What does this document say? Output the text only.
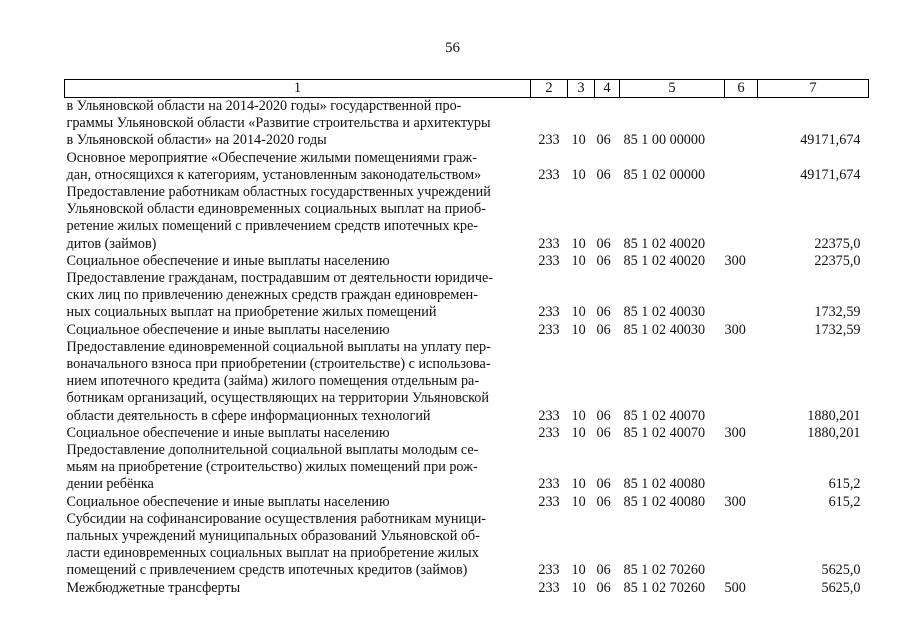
56
1	2	3	4	5	6	7

в Ульяновской области на 2014-2020 годы» государственной про-
граммы Ульяновской области «Развитие строительства и архитектуры
в Ульяновской области» на 2014-2020 годы	233	10	06	85 1 00 00000		49171,674

Основное мероприятие «Обеспечение жилыми помещениями граж-
дан, относящихся к категориям, установленным законодательством»	233	10	06	85 1 02 00000		49171,674

Предоставление работникам областных государственных учреждений
Ульяновской области единовременных социальных выплат на приоб-
ретение жилых помещений с привлечением средств ипотечных кре-
дитов (займов)	233	10	06	85 1 02 40020		22375,0

Социальное обеспечение и иные выплаты населению	233	10	06	85 1 02 40020	300	22375,0

Предоставление гражданам, пострадавшим от деятельности юридиче-
ских лиц по привлечению денежных средств граждан единовремен-
ных социальных выплат на приобретение жилых помещений	233	10	06	85 1 02 40030		1732,59

Социальное обеспечение и иные выплаты населению	233	10	06	85 1 02 40030	300	1732,59

Предоставление единовременной социальной выплаты на уплату пер-
воначального взноса при приобретении (строительстве) с использова-
нием ипотечного кредита (займа) жилого помещения отдельным ра-
ботникам организаций, осуществляющих на территории Ульяновской
области деятельность в сфере информационных технологий	233	10	06	85 1 02 40070		1880,201

Социальное обеспечение и иные выплаты населению	233	10	06	85 1 02 40070	300	1880,201

Предоставление дополнительной социальной выплаты молодым се-
мьям на приобретение (строительство) жилых помещений при рож-
дении ребёнка	233	10	06	85 1 02 40080		615,2

Социальное обеспечение и иные выплаты населению	233	10	06	85 1 02 40080	300	615,2

Субсидии на софинансирование осуществления работникам муници-
пальных учреждений муниципальных образований Ульяновской об-
ласти единовременных социальных выплат на приобретение жилых
помещений с привлечением средств ипотечных кредитов (займов)	233	10	06	85 1 02 70260		5625,0

Межбюджетные трансферты	233	10	06	85 1 02 70260	500	5625,0
